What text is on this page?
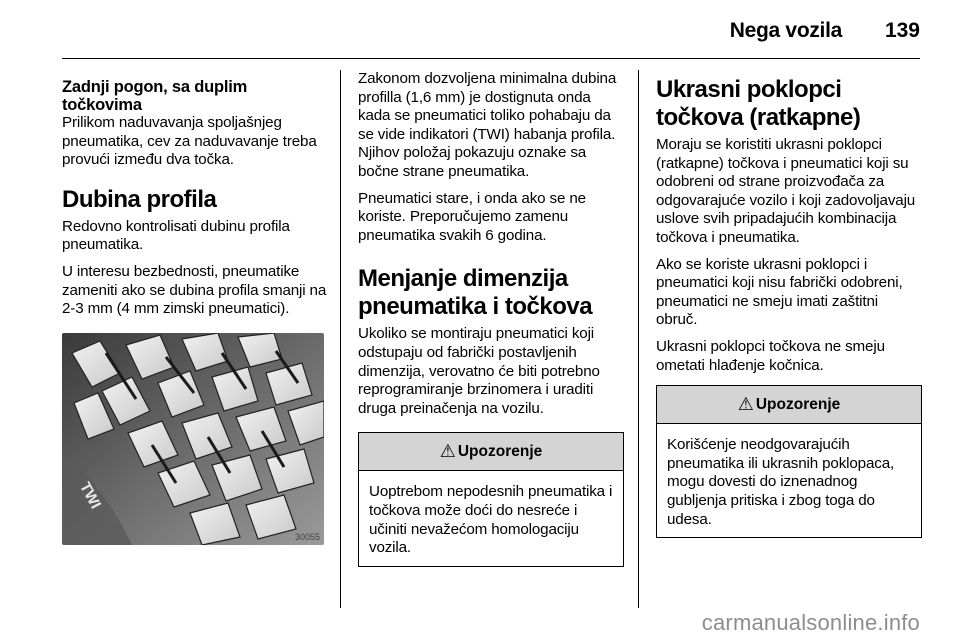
Nega vozila 139
Zadnji pogon, sa duplim točkovima

Prilikom naduvavanja spoljašnjeg pneumatika, cev za naduvavanje treba provući između dva točka.

Dubina profila

Redovno kontrolisati dubinu profila pneumatika.

U interesu bezbednosti, pneumatike zameniti ako se dubina profila smanji na 2-3 mm (4 mm zimski pneumatici).

TWI
30055

Zakonom dozvoljena minimalna dubina profilla (1,6 mm) je dostignuta onda kada se pneumatici toliko pohabaju da se vide indikatori (TWI) habanja profila. Njihov položaj pokazuju oznake sa bočne strane pneumatika.

Pneumatici stare, i onda ako se ne koriste. Preporučujemo zamenu pneumatika svakih 6 godina.

Menjanje dimenzija pneumatika i točkova

Ukoliko se montiraju pneumatici koji odstupaju od fabrički postavljenih dimenzija, verovatno će biti potrebno reprogramiranje brzinomera i uraditi druga preinačenja na vozilu.

⚠ Upozorenje

Uoptrebom nepodesnih pneumatika i točkova može doći do nesreće i učiniti nevažećom homologaciju vozila.

Ukrasni poklopci točkova (ratkapne)

Moraju se koristiti ukrasni poklopci (ratkapne) točkova i pneumatici koji su odobreni od strane proizvođača za odgovarajuće vozilo i koji zadovoljavaju uslove svih pripadajućih kombinacija točkova i pneumatika.

Ako se koriste ukrasni poklopci i pneumatici koji nisu fabrički odobreni, pneumatici ne smeju imati zaštitni obruč.

Ukrasni poklopci točkova ne smeju ometati hlađenje kočnica.

⚠ Upozorenje

Korišćenje neodgovarajućih pneumatika ili ukrasnih poklopaca, mogu dovesti do iznenadnog gubljenja pritiska i zbog toga do udesa.

carmanualsonline.info
